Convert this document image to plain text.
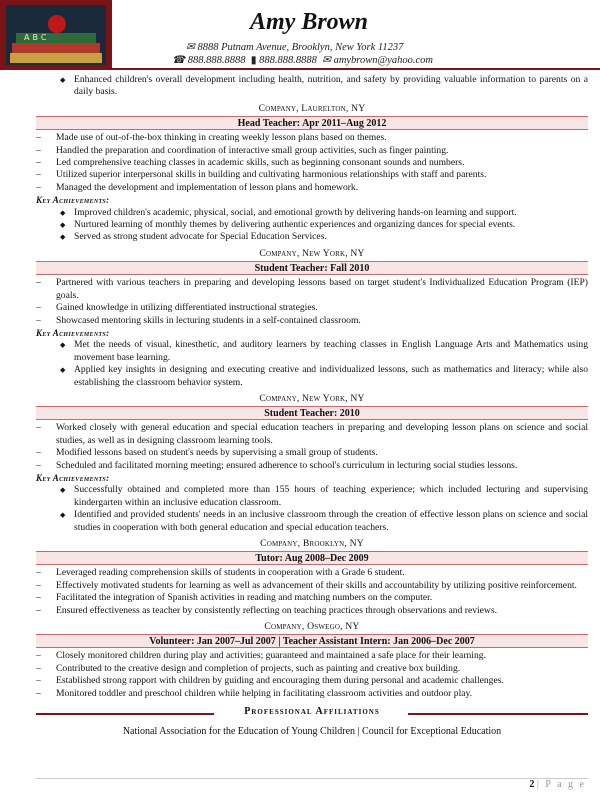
ABC
Amy Brown
✉ 8888 Putnam Avenue, Brooklyn, New York 11237
☎ 888.888.8888 ▮ 888.888.8888 ✉ amybrown@yahoo.com
◆ Enhanced children's overall development including health, nutrition, and safety by providing valuable information to parents on a daily basis.
Company, Laurelton, NY
Head Teacher: Apr 2011–Aug 2012
– Made use of out-of-the-box thinking in creating weekly lesson plans based on themes.
– Handled the preparation and coordination of interactive small group activities, such as finger painting.
– Led comprehensive teaching classes in academic skills, such as beginning consonant sounds and numbers.
– Utilized superior interpersonal skills in building and cultivating harmonious relationships with staff and parents.
– Managed the development and implementation of lesson plans and homework.
Key Achievements:
◆ Improved children's academic, physical, social, and emotional growth by delivering hands-on learning and support.
◆ Nurtured learning of monthly themes by delivering authentic experiences and organizing dances for special events.
◆ Served as strong student advocate for Special Education Services.
Company, New York, NY
Student Teacher: Fall 2010
– Partnered with various teachers in preparing and developing lessons based on target student's Individualized Education Program (IEP) goals.
– Gained knowledge in utilizing differentiated instructional strategies.
– Showcased mentoring skills in lecturing students in a self-contained classroom.
Key Achievements:
◆ Met the needs of visual, kinesthetic, and auditory learners by teaching classes in English Language Arts and Mathematics using movement base learning.
◆ Applied key insights in designing and executing creative and individualized lessons, such as mathematics and literacy; while also establishing the classroom behavior system.
Company, New York, NY
Student Teacher: 2010
– Worked closely with general education and special education teachers in preparing and developing lesson plans on science and social studies, as well as in designing classroom learning tools.
– Modified lessons based on student's needs by supervising a small group of students.
– Scheduled and facilitated morning meeting; ensured adherence to school's curriculum in lecturing social studies lessons.
Key Achievements:
◆ Successfully obtained and completed more than 155 hours of teaching experience; which included lecturing and supervising kindergarten within an inclusive education classroom.
◆ Identified and provided students' needs in an inclusive classroom through the creation of effective lesson plans on science and social studies in cooperation with both general education and special education teachers.
Company, Brooklyn, NY
Tutor: Aug 2008–Dec 2009
– Leveraged reading comprehension skills of students in cooperation with a Grade 6 student.
– Effectively motivated students for learning as well as advancement of their skills and accountability by utilizing positive reinforcement.
– Facilitated the integration of Spanish activities in reading and matching numbers on the computer.
– Ensured effectiveness as teacher by consistently reflecting on teaching practices through observations and reviews.
Company, Oswego, NY
Volunteer: Jan 2007–Jul 2007 | Teacher Assistant Intern: Jan 2006–Dec 2007
– Closely monitored children during play and activities; guaranteed and maintained a safe place for their learning.
– Contributed to the creative design and completion of projects, such as painting and creative box building.
– Established strong rapport with children by guiding and encouraging them during personal and academic challenges.
– Monitored toddler and preschool children while helping in facilitating classroom activities and outdoor play.
Professional Affiliations
National Association for the Education of Young Children | Council for Exceptional Education
2 | P a g e
